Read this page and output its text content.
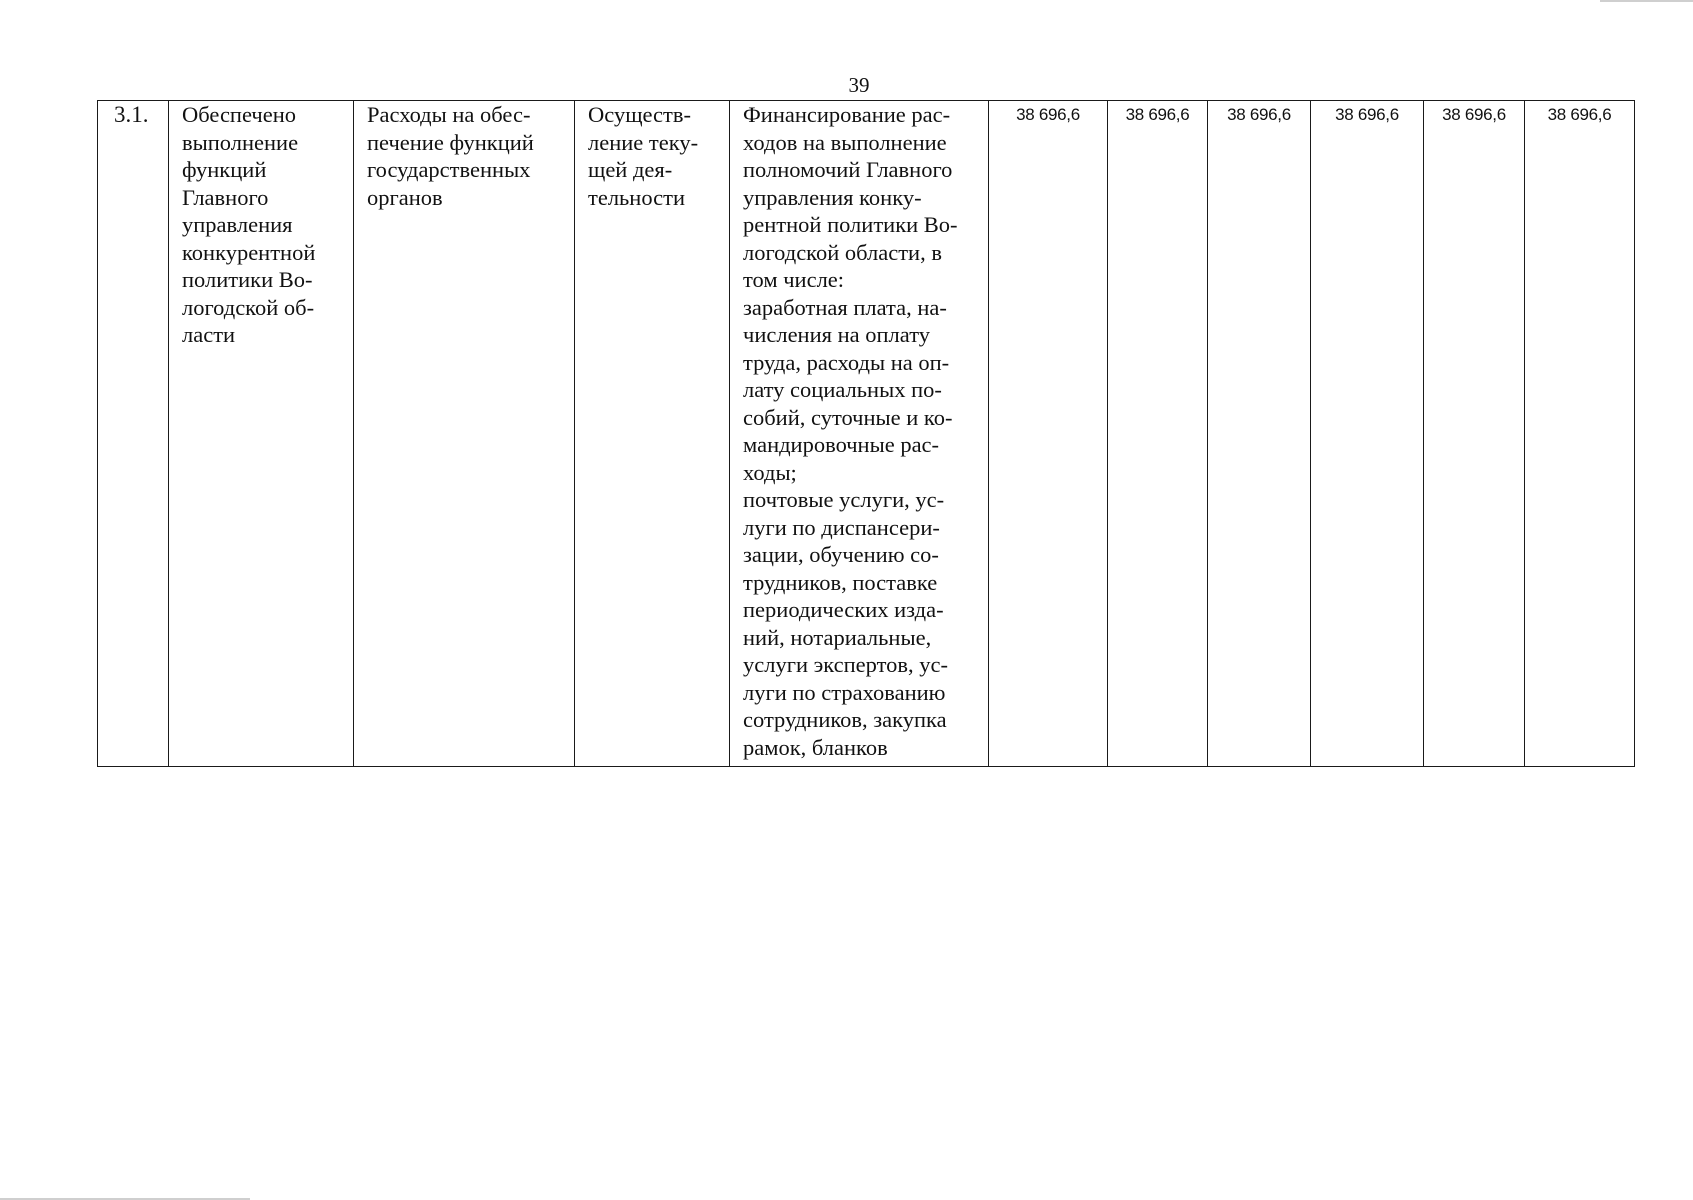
39
3.1.	Обеспечено
выполнение
функций
Главного
управления
конкурентной
политики Во-
логодской об-
ласти

Расходы на обес-
печение функций
государственных
органов

Осуществ-
ление теку-
щей дея-
тельности

Финансирование рас-
ходов на выполнение
полномочий Главного
управления конку-
рентной политики Во-
логодской области, в
том числе:
заработная плата, на-
числения на оплату
труда, расходы на оп-
лату социальных по-
собий, суточные и ко-
мандировочные рас-
ходы;
почтовые услуги, ус-
луги по диспансери-
зации, обучению со-
трудников, поставке
периодических изда-
ний, нотариальные,
услуги экспертов, ус-
луги по страхованию
сотрудников, закупка
рамок, бланков

38 696,6	38 696,6	38 696,6	38 696,6	38 696,6	38 696,6
